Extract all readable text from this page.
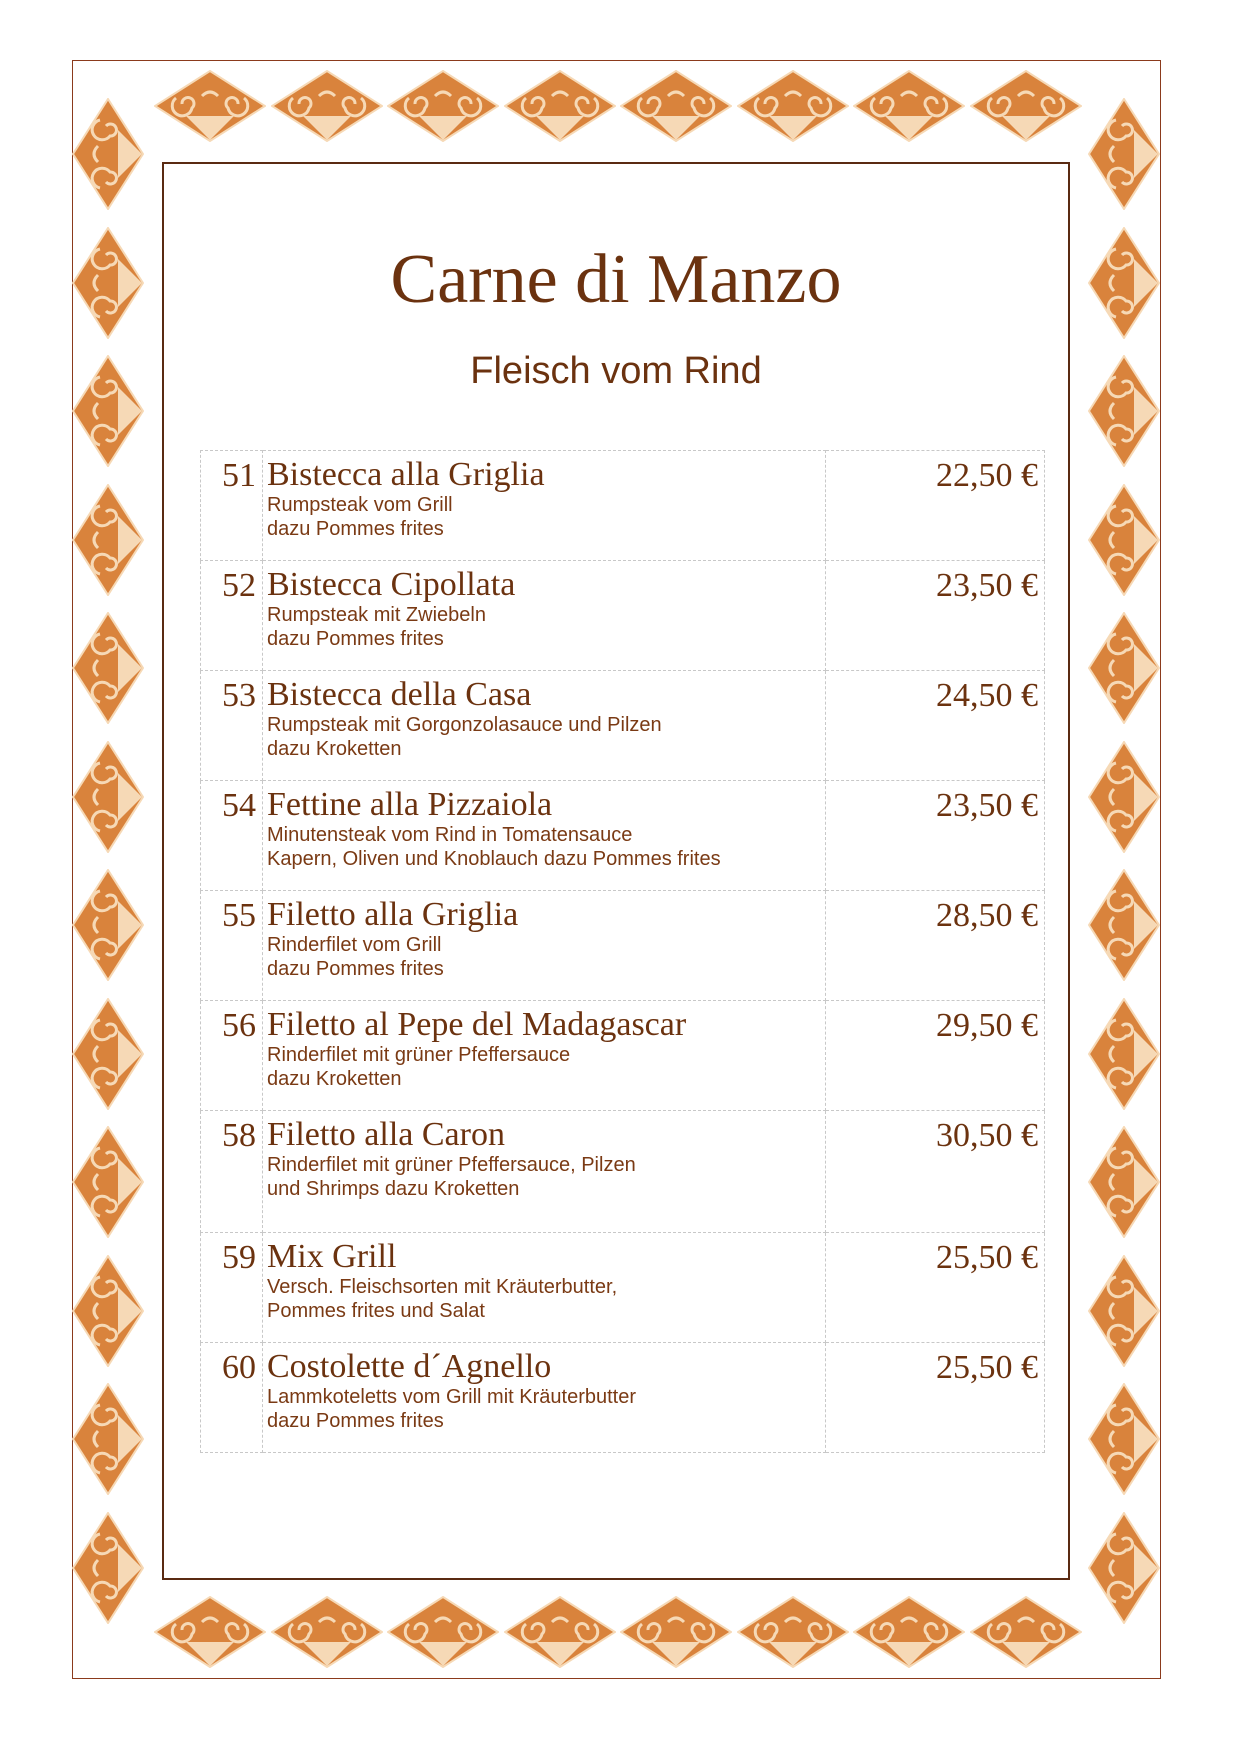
Carne di Manzo
Fleisch vom Rind
51	Bistecca alla Griglia
Rumpsteak vom Grill
dazu Pommes frites	22,50 €
52	Bistecca Cipollata
Rumpsteak mit Zwiebeln
dazu Pommes frites	23,50 €
53	Bistecca della Casa
Rumpsteak mit Gorgonzolasauce und Pilzen
dazu Kroketten	24,50 €
54	Fettine alla Pizzaiola
Minutensteak vom Rind in Tomatensauce
Kapern, Oliven und Knoblauch dazu Pommes frites	23,50 €
55	Filetto alla Griglia
Rinderfilet vom Grill
dazu Pommes frites	28,50 €
56	Filetto al Pepe del Madagascar
Rinderfilet mit grüner Pfeffersauce
dazu Kroketten	29,50 €
58	Filetto alla Caron
Rinderfilet mit grüner Pfeffersauce, Pilzen
und Shrimps dazu Kroketten	30,50 €
59	Mix Grill
Versch. Fleischsorten mit Kräuterbutter,
Pommes frites und Salat	25,50 €
60	Costolette d´Agnello
Lammkoteletts vom Grill mit Kräuterbutter
dazu Pommes frites	25,50 €
